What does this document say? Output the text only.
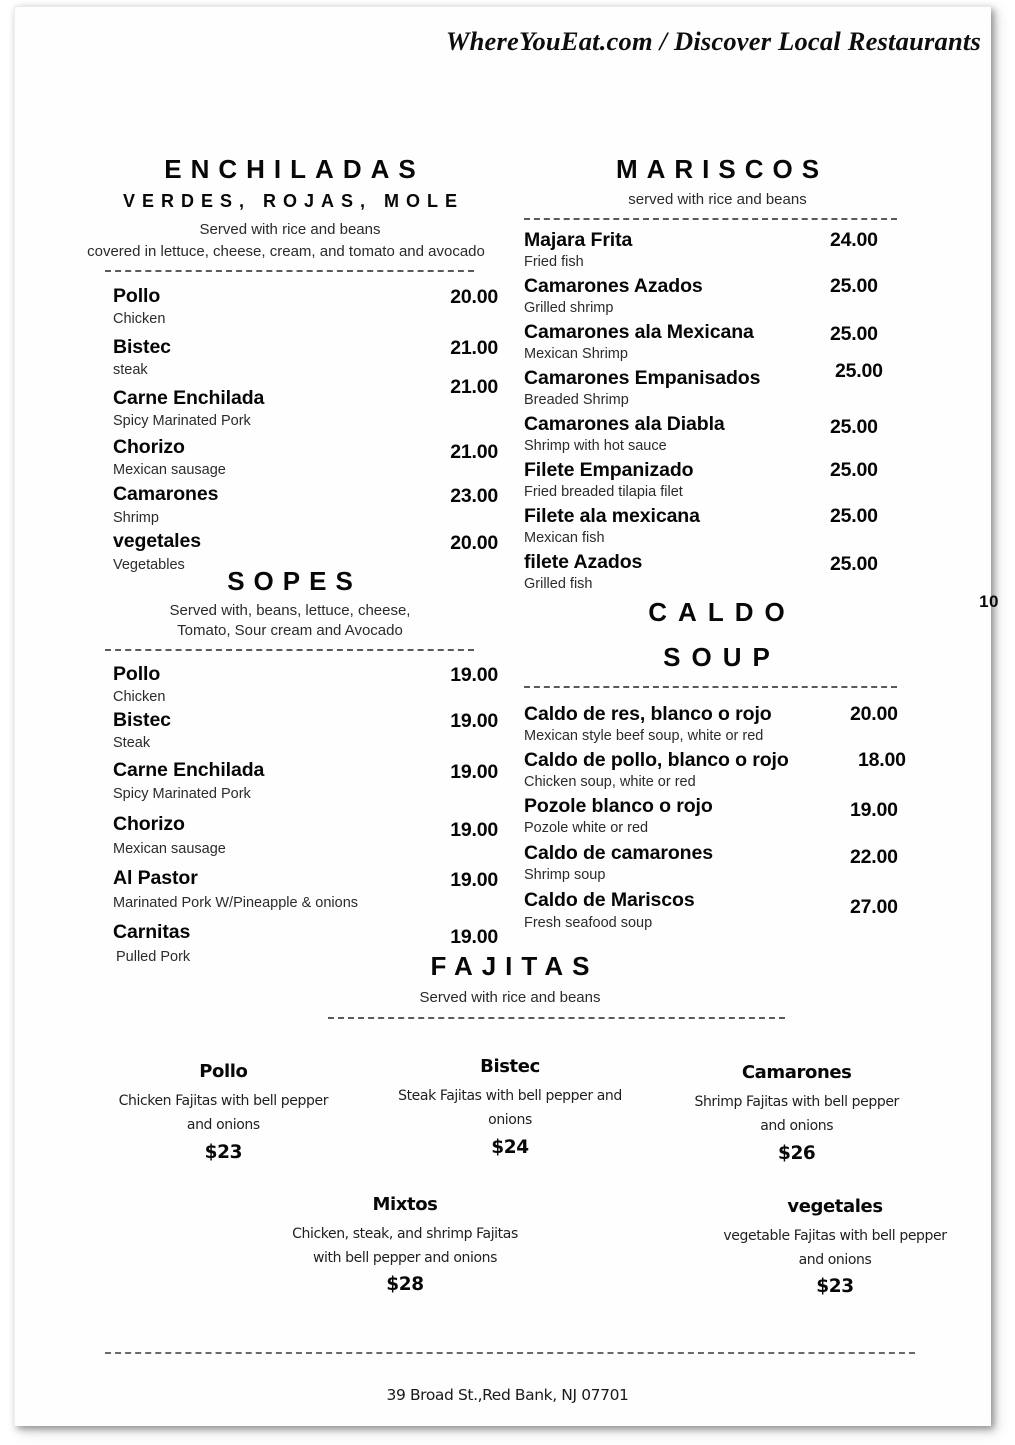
WhereYouEat.com / Discover Local Restaurants
10
ENCHILADAS
VERDES, ROJAS, MOLE
Served with rice and beans
covered in lettuce, cheese, cream, and tomato and avocado
Pollo
Chicken
20.00
Bistec
steak
21.00
Carne Enchilada
Spicy Marinated Pork
21.00
Chorizo
Mexican sausage
21.00
Camarones
Shrimp
23.00
vegetales
Vegetables
20.00
SOPES
Served with, beans, lettuce, cheese,
Tomato, Sour cream and Avocado
Pollo
Chicken
19.00
Bistec
Steak
19.00
Carne Enchilada
Spicy Marinated Pork
19.00
Chorizo
Mexican sausage
19.00
Al Pastor
Marinated Pork W/Pineapple & onions
19.00
Carnitas
Pulled Pork
19.00
MARISCOS
served with rice and beans
Majara Frita
Fried fish
24.00
Camarones Azados
Grilled shrimp
25.00
Camarones ala Mexicana
Mexican Shrimp
25.00
Camarones Empanisados
Breaded Shrimp
25.00
Camarones ala Diabla
Shrimp with hot sauce
25.00
Filete Empanizado
Fried breaded tilapia filet
25.00
Filete ala mexicana
Mexican fish
25.00
filete Azados
Grilled fish
25.00
CALDO
SOUP
Caldo de res, blanco o rojo
Mexican style beef soup, white or red
20.00
Caldo de pollo, blanco o rojo
Chicken soup, white or red
18.00
Pozole blanco o rojo
Pozole white or red
19.00
Caldo de camarones
Shrimp soup
22.00
Caldo de Mariscos
Fresh seafood soup
27.00
FAJITAS
Served with rice and beans
Pollo
Chicken Fajitas with bell pepper
and onions
$23
Bistec
Steak Fajitas with bell pepper and
onions
$24
Camarones
Shrimp Fajitas with bell pepper
and onions
$26
Mixtos
Chicken, steak, and shrimp Fajitas
with bell pepper and onions
$28
vegetales
vegetable Fajitas with bell pepper
and onions
$23
39 Broad St.,Red Bank, NJ 07701
